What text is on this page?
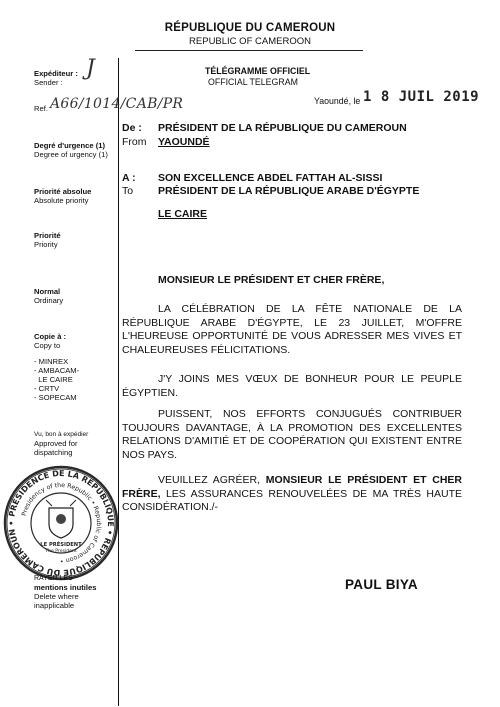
RÉPUBLIQUE DU CAMEROUN
REPUBLIC OF CAMEROON
Expéditeur :
Sender :
J
Ref. A66/1014/CAB/PR
Degré d'urgence (1)
Degree of urgency (1)
Priorité absolue
Absolute priority
Priorité
Priority
Normal
Ordinary
Copie à :
Copy to
- MINREX
- AMBACAM-
LE CAIRE
- CRTV
- SOPECAM
Vu, bon à expédier
Approved for
dispatching
PRÉSIDENCE DE LA RÉPUBLIQUE • RÉPUBLIQUE DU CAMEROUN •
Presidency of the Republic • Republic of Cameroon •
LE PRÉSIDENT
The President
RAYER LES
mentions inutiles
Delete where
inapplicable
TÉLÉGRAMME OFFICIEL
OFFICIAL TELEGRAM
Yaoundé, le 1 8 JUIL 2019
De :
From
PRÉSIDENT DE LA RÉPUBLIQUE DU CAMEROUN
YAOUNDÉ
A :
To
SON EXCELLENCE ABDEL FATTAH AL-SISSI
PRÉSIDENT DE LA RÉPUBLIQUE ARABE D'ÉGYPTE
LE CAIRE
MONSIEUR LE PRÉSIDENT ET CHER FRÈRE,
LA CÉLÉBRATION DE LA FÊTE NATIONALE DE LA RÉPUBLIQUE ARABE D'ÉGYPTE, LE 23 JUILLET, M'OFFRE L'HEUREUSE OPPORTUNITÉ DE VOUS ADRESSER MES VIVES ET CHALEUREUSES FÉLICITATIONS.
J'Y JOINS MES VŒUX DE BONHEUR POUR LE PEUPLE ÉGYPTIEN.
PUISSENT, NOS EFFORTS CONJUGUÉS CONTRIBUER TOUJOURS DAVANTAGE, À LA PROMOTION DES EXCELLENTES RELATIONS D'AMITIÉ ET DE COOPÉRATION QUI EXISTENT ENTRE NOS PAYS.
VEUILLEZ AGRÉER, MONSIEUR LE PRÉSIDENT ET CHER FRÈRE, LES ASSURANCES RENOUVELÉES DE MA TRÈS HAUTE CONSIDÉRATION./-
PAUL BIYA
